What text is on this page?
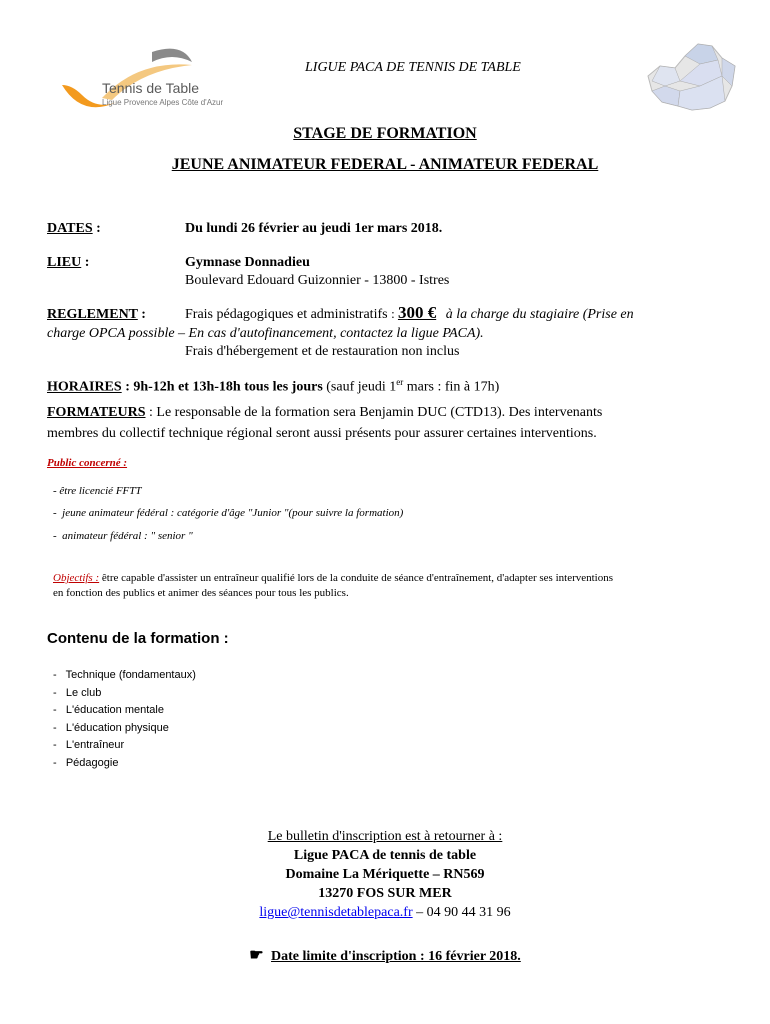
Tennis de Table
Ligue Provence Alpes Côte d'Azur
LIGUE PACA DE TENNIS DE TABLE
STAGE DE FORMATION
JEUNE ANIMATEUR FEDERAL - ANIMATEUR FEDERAL
DATES :	Du lundi 26 février au jeudi 1er mars 2018.
LIEU :	Gymnase Donnadieu
Boulevard Edouard Guizonnier - 13800 - Istres
REGLEMENT :	Frais pédagogiques et administratifs : 300 € à la charge du stagiaire (Prise en
charge OPCA possible – En cas d'autofinancement, contactez la ligue PACA).
Frais d'hébergement et de restauration non inclus
HORAIRES : 9h-12h et 13h-18h tous les jours (sauf jeudi 1er mars : fin à 17h)
FORMATEURS : Le responsable de la formation sera Benjamin DUC (CTD13). Des intervenants
membres du collectif technique régional seront aussi présents pour assurer certaines interventions.
Public concerné :
- être licencié FFTT
-  jeune animateur fédéral : catégorie d'âge "Junior "(pour suivre la formation)
-  animateur fédéral : " senior "
Objectifs : être capable d'assister un entraîneur qualifié lors de la conduite de séance d'entraînement, d'adapter ses interventions
en fonction des publics et animer des séances pour tous les publics.
Contenu de la formation :
-   Technique (fondamentaux)
-   Le club
-   L'éducation mentale
-   L'éducation physique
-   L'entraîneur
-   Pédagogie
Le bulletin d'inscription est à retourner à :
Ligue PACA de tennis de table
Domaine La Mériquette – RN569
13270 FOS SUR MER
ligue@tennisdetablepaca.fr – 04 90 44 31 96
☛ Date limite d'inscription : 16 février 2018.
